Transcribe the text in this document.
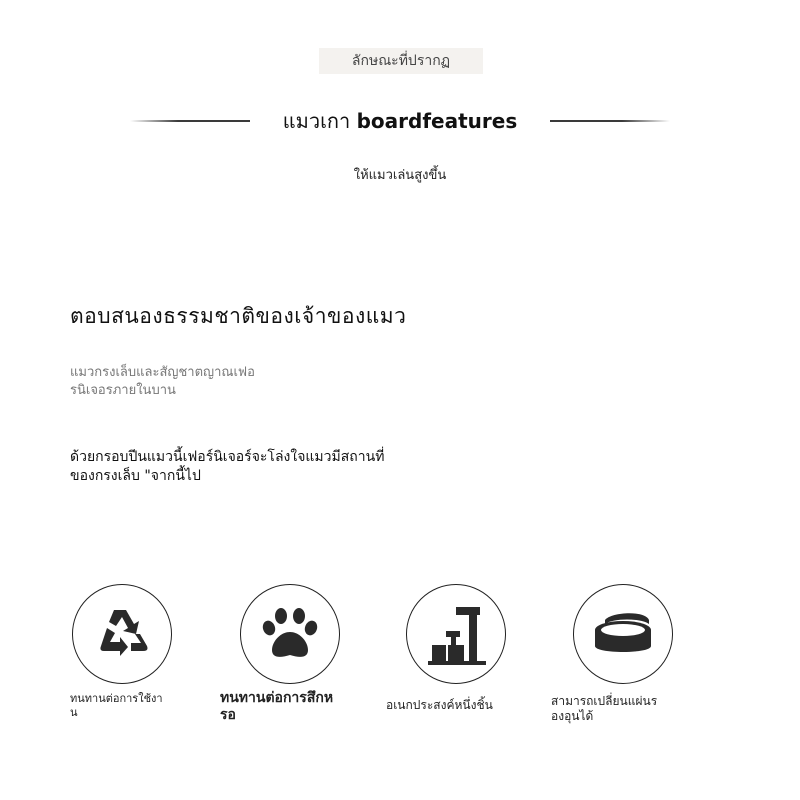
ลักษณะที่ปรากฏ
แมวเกา boardfeatures
ให้แมวเล่นสูงขึ้น
ตอบสนองธรรมชาติของเจ้าของแมว
แมวกรงเล็บและสัญชาตญาณเฟอ
รนิเจอรภายในบาน
ด้วยกรอบปีนแมวนี้เฟอร์นิเจอร์จะโล่งใจแมวมีสถานที่
ของกรงเล็บ "จากนี้ไป
ทนทานต่อการใช้งา
น
ทนทานต่อการสึกห
รอ
อเนกประสงค์หนึ่งชิ้น	สามารถเปลี่ยนแผ่นร
องอุนได้
